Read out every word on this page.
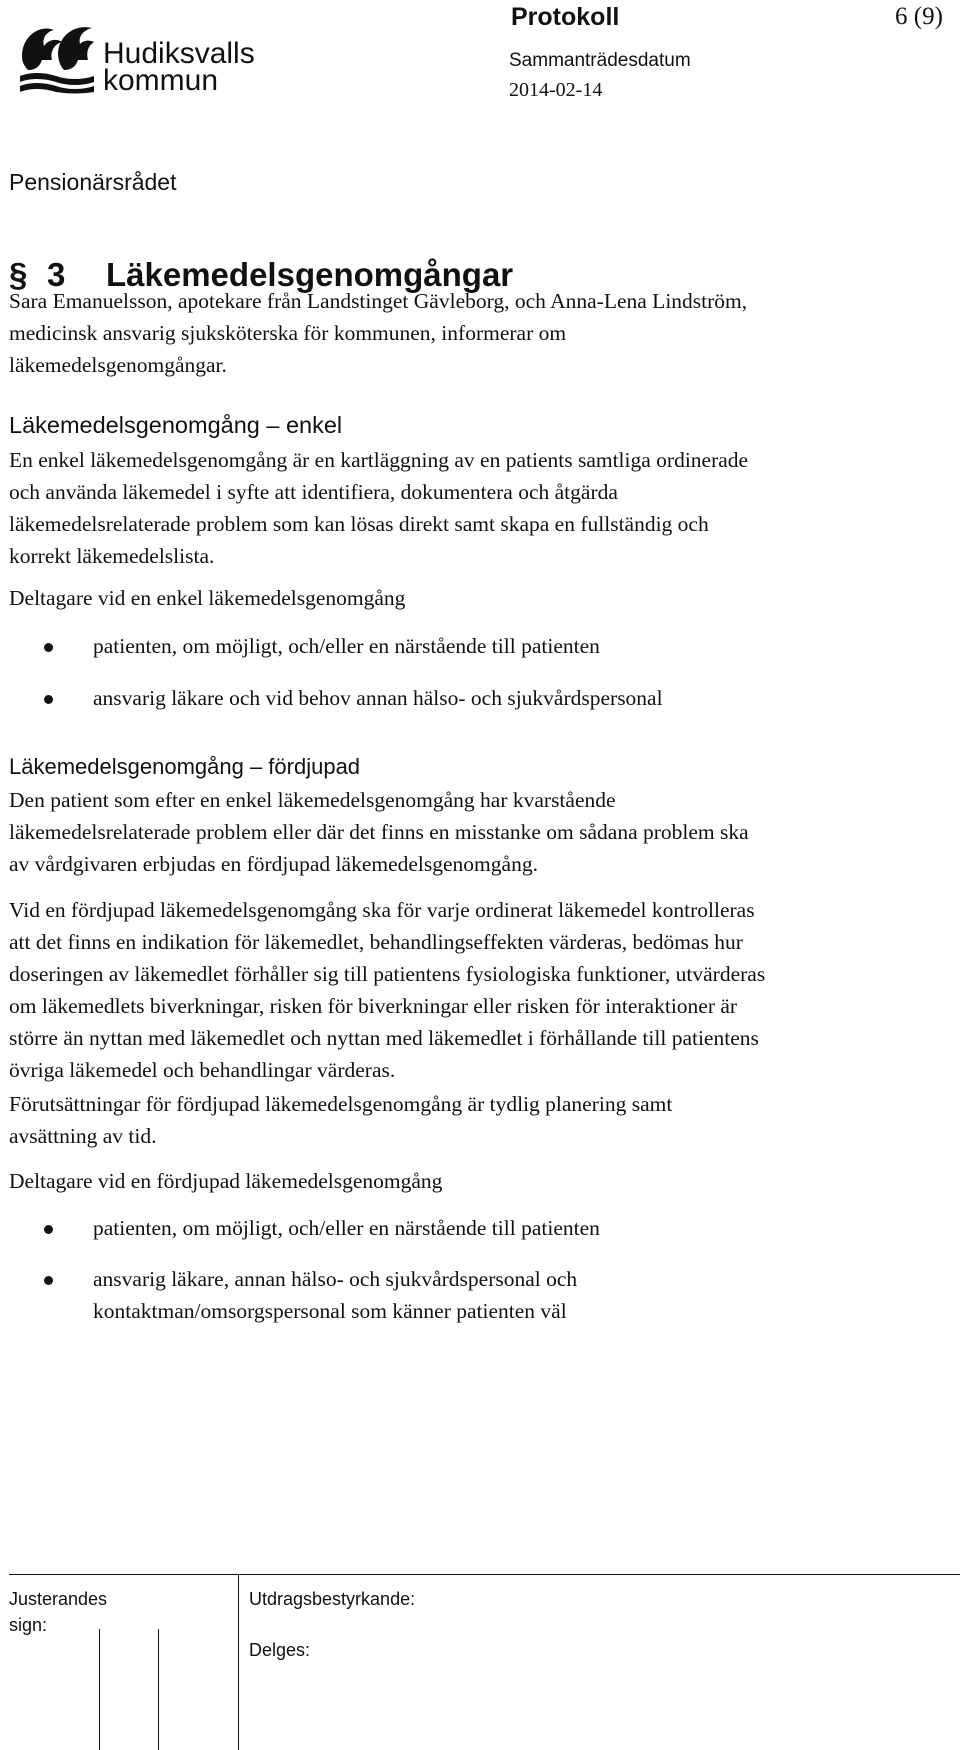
Hudiksvalls
kommun
Protokoll	6 (9)
Sammanträdesdatum
2014-02-14
Pensionärsrådet
§ 3 Läkemedelsgenomgångar
Sara Emanuelsson, apotekare från Landstinget Gävleborg, och Anna-Lena Lindström,
medicinsk ansvarig sjuksköterska för kommunen, informerar om
läkemedelsgenomgångar.
Läkemedelsgenomgång – enkel
En enkel läkemedelsgenomgång är en kartläggning av en patients samtliga ordinerade
och använda läkemedel i syfte att identifiera, dokumentera och åtgärda
läkemedelsrelaterade problem som kan lösas direkt samt skapa en fullständig och
korrekt läkemedelslista.
Deltagare vid en enkel läkemedelsgenomgång
patienten, om möjligt, och/eller en närstående till patienten
ansvarig läkare och vid behov annan hälso- och sjukvårdspersonal
Läkemedelsgenomgång – fördjupad
Den patient som efter en enkel läkemedelsgenomgång har kvarstående
läkemedelsrelaterade problem eller där det finns en misstanke om sådana problem ska
av vårdgivaren erbjudas en fördjupad läkemedelsgenomgång.
Vid en fördjupad läkemedelsgenomgång ska för varje ordinerat läkemedel kontrolleras
att det finns en indikation för läkemedlet, behandlingseffekten värderas, bedömas hur
doseringen av läkemedlet förhåller sig till patientens fysiologiska funktioner, utvärderas
om läkemedlets biverkningar, risken för biverkningar eller risken för interaktioner är
större än nyttan med läkemedlet och nyttan med läkemedlet i förhållande till patientens
övriga läkemedel och behandlingar värderas.
Förutsättningar för fördjupad läkemedelsgenomgång är tydlig planering samt
avsättning av tid.
Deltagare vid en fördjupad läkemedelsgenomgång
patienten, om möjligt, och/eller en närstående till patienten
ansvarig läkare, annan hälso- och sjukvårdspersonal och
kontaktman/omsorgspersonal som känner patienten väl
Justerandes
sign:
Utdragsbestyrkande:
Delges:
